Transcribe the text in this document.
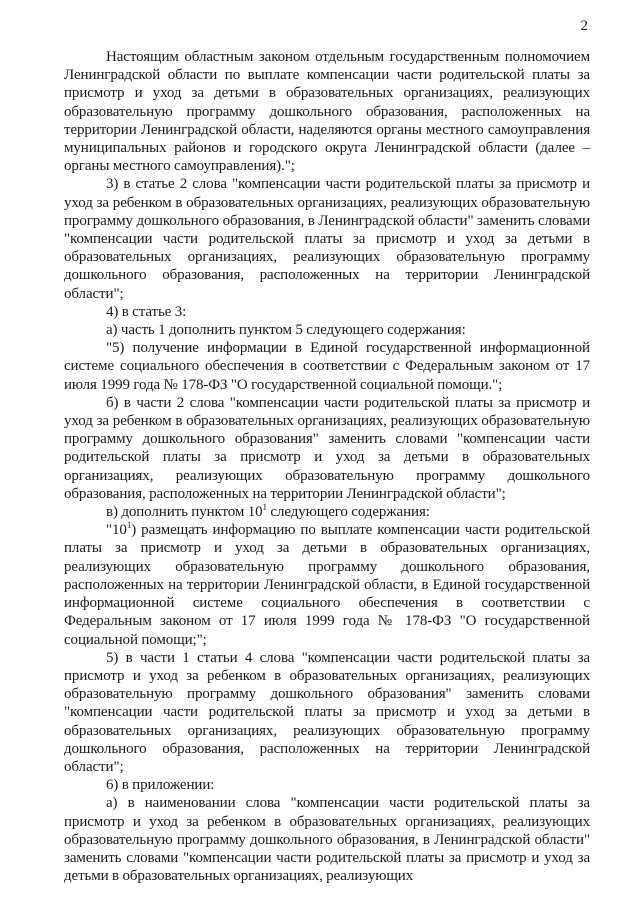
2

Настоящим областным законом отдельным государственным полномочием Ленинградской области по выплате компенсации части родительской платы за присмотр и уход за детьми в образовательных организациях, реализующих образовательную программу дошкольного образования, расположенных на территории Ленинградской области, наделяются органы местного самоуправления муниципальных районов и городского округа Ленинградской области (далее – органы местного самоуправления).";

3) в статье 2 слова "компенсации части родительской платы за присмотр и уход за ребенком в образовательных организациях, реализующих образовательную программу дошкольного образования, в Ленинградской области" заменить словами "компенсации части родительской платы за присмотр и уход за детьми в образовательных организациях, реализующих образовательную программу дошкольного образования, расположенных на территории Ленинградской области";

4) в статье 3:

а) часть 1 дополнить пунктом 5 следующего содержания:

"5) получение информации в Единой государственной информационной системе социального обеспечения в соответствии с Федеральным законом от 17 июля 1999 года № 178-ФЗ "О государственной социальной помощи.";

б) в части 2 слова "компенсации части родительской платы за присмотр и уход за ребенком в образовательных организациях, реализующих образовательную программу дошкольного образования" заменить словами "компенсации части родительской платы за присмотр и уход за детьми в образовательных организациях, реализующих образовательную программу дошкольного образования, расположенных на территории Ленинградской области";

в) дополнить пунктом $10^1$ следующего содержания:

"$10^1$) размещать информацию по выплате компенсации части родительской платы за присмотр и уход за детьми в образовательных организациях, реализующих образовательную программу дошкольного образования, расположенных на территории Ленинградской области, в Единой государственной информационной системе социального обеспечения в соответствии с Федеральным законом от 17 июля 1999 года № 178-ФЗ "О государственной социальной помощи;";

5) в части 1 статьи 4 слова "компенсации части родительской платы за присмотр и уход за ребенком в образовательных организациях, реализующих образовательную программу дошкольного образования" заменить словами "компенсации части родительской платы за присмотр и уход за детьми в образовательных организациях, реализующих образовательную программу дошкольного образования, расположенных на территории Ленинградской области";

6) в приложении:

а) в наименовании слова "компенсации части родительской платы за присмотр и уход за ребенком в образовательных организациях, реализующих образовательную программу дошкольного образования, в Ленинградской области" заменить словами "компенсации части родительской платы за присмотр и уход за детьми в образовательных организациях, реализующих
